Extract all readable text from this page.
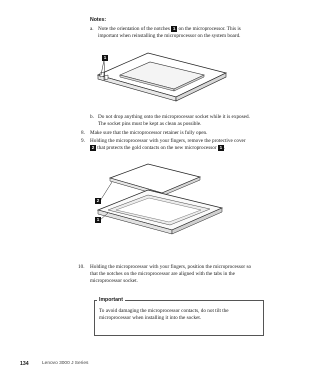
Notes:
a. Note the orientation of the notches 1 on the microprocessor. This is
important when reinstalling the microprocessor on the system board.
1
b. Do not drop anything onto the microprocessor socket while it is exposed.
The socket pins must be kept as clean as possible.
8. Make sure that the microprocessor retainer is fully open.
9. Holding the microprocessor with your fingers, remove the protective cover
2 that protects the gold contacts on the new microprocessor 1 .
2
1
10. Holding the microprocessor with your fingers, position the microprocessor so
that the notches on the microprocessor are aligned with the tabs in the
microprocessor socket.
Important
To avoid damaging the microprocessor contacts, do not tilt the
microprocessor when installing it into the socket.
134	Lenovo 3000 J Series
